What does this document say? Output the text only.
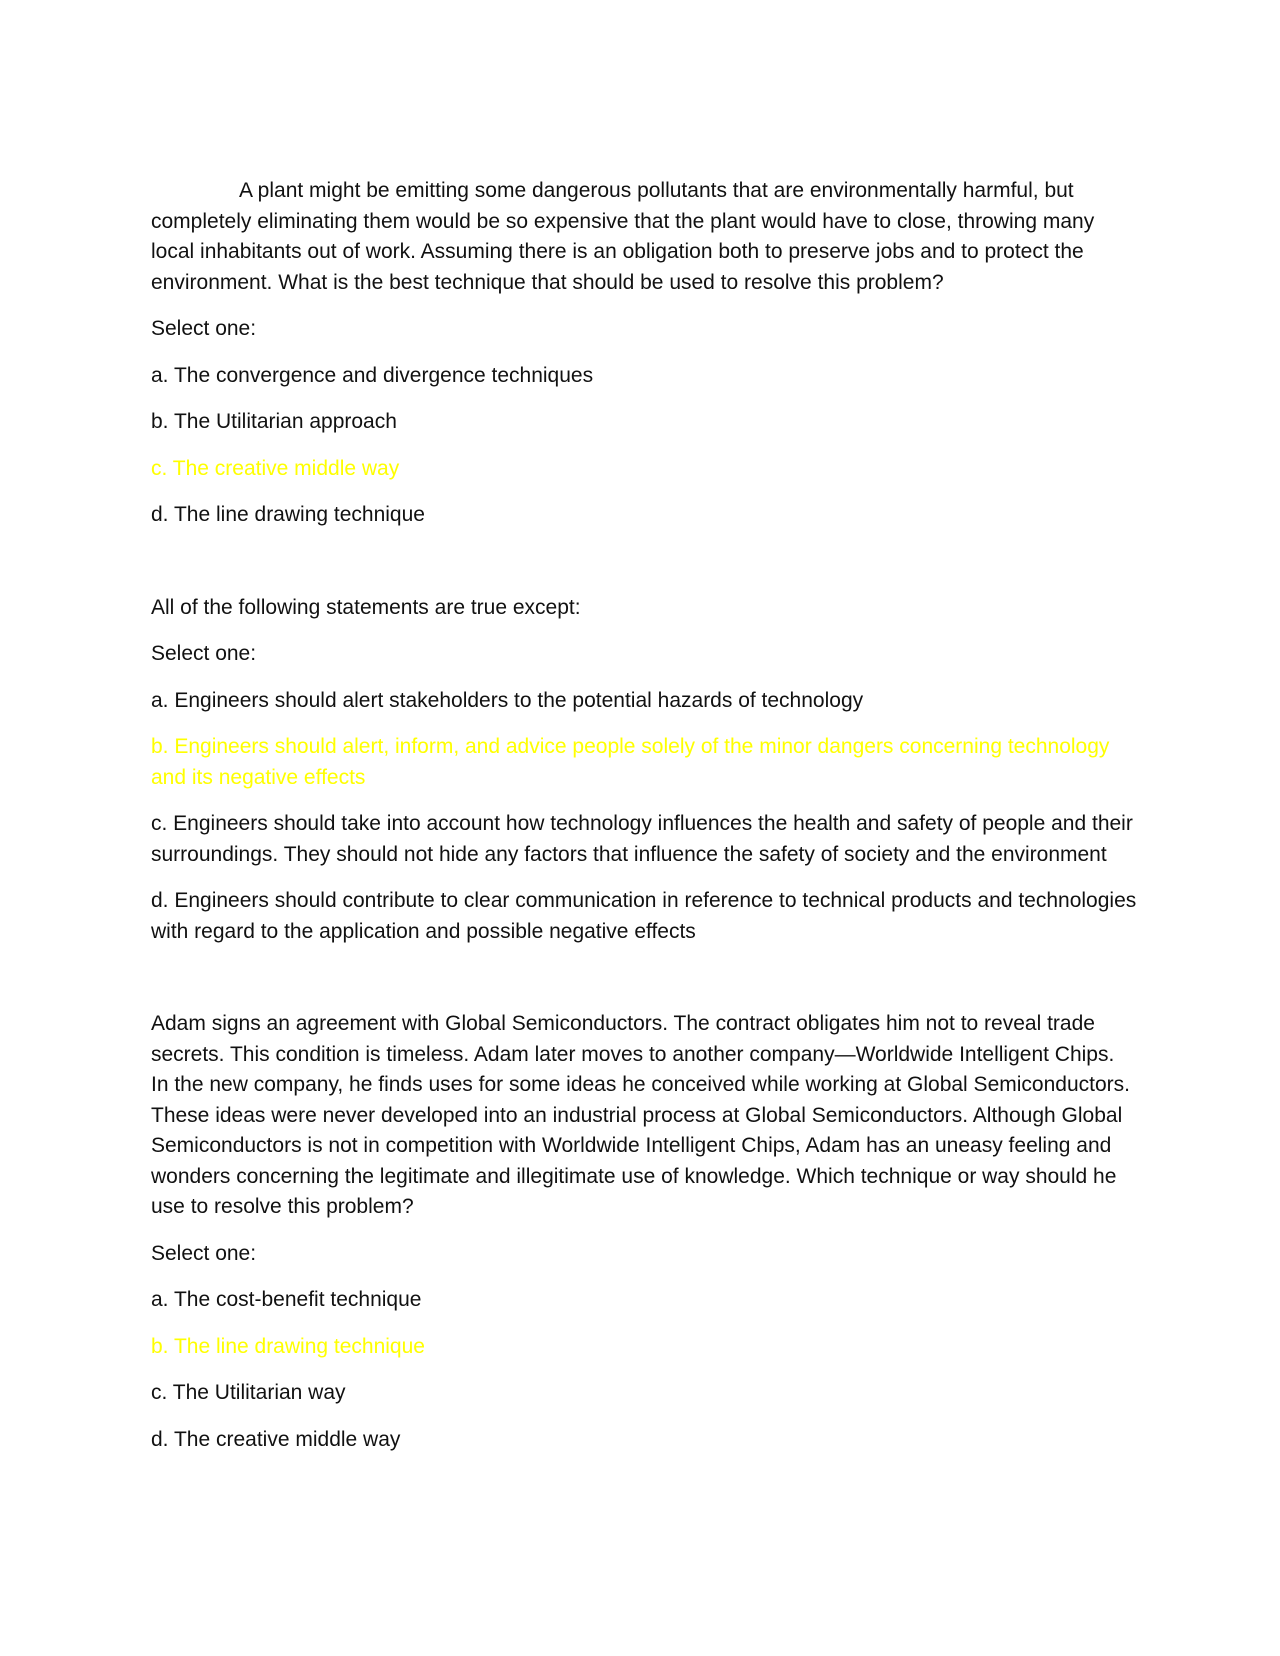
A plant might be emitting some dangerous pollutants that are environmentally harmful, but completely eliminating them would be so expensive that the plant would have to close, throwing many local inhabitants out of work. Assuming there is an obligation both to preserve jobs and to protect the environment. What is the best technique that should be used to resolve this problem?

Select one:

a. The convergence and divergence techniques

b. The Utilitarian approach

c. The creative middle way

d. The line drawing technique

All of the following statements are true except:

Select one:

a. Engineers should alert stakeholders to the potential hazards of technology

b. Engineers should alert, inform, and advice people solely of the minor dangers concerning technology and its negative effects

c. Engineers should take into account how technology influences the health and safety of people and their surroundings. They should not hide any factors that influence the safety of society and the environment

d. Engineers should contribute to clear communication in reference to technical products and technologies with regard to the application and possible negative effects

Adam signs an agreement with Global Semiconductors. The contract obligates him not to reveal trade secrets. This condition is timeless. Adam later moves to another company—Worldwide Intelligent Chips. In the new company, he finds uses for some ideas he conceived while working at Global Semiconductors. These ideas were never developed into an industrial process at Global Semiconductors. Although Global Semiconductors is not in competition with Worldwide Intelligent Chips, Adam has an uneasy feeling and wonders concerning the legitimate and illegitimate use of knowledge. Which technique or way should he use to resolve this problem?

Select one:

a. The cost-benefit technique

b. The line drawing technique

c. The Utilitarian way

d. The creative middle way
